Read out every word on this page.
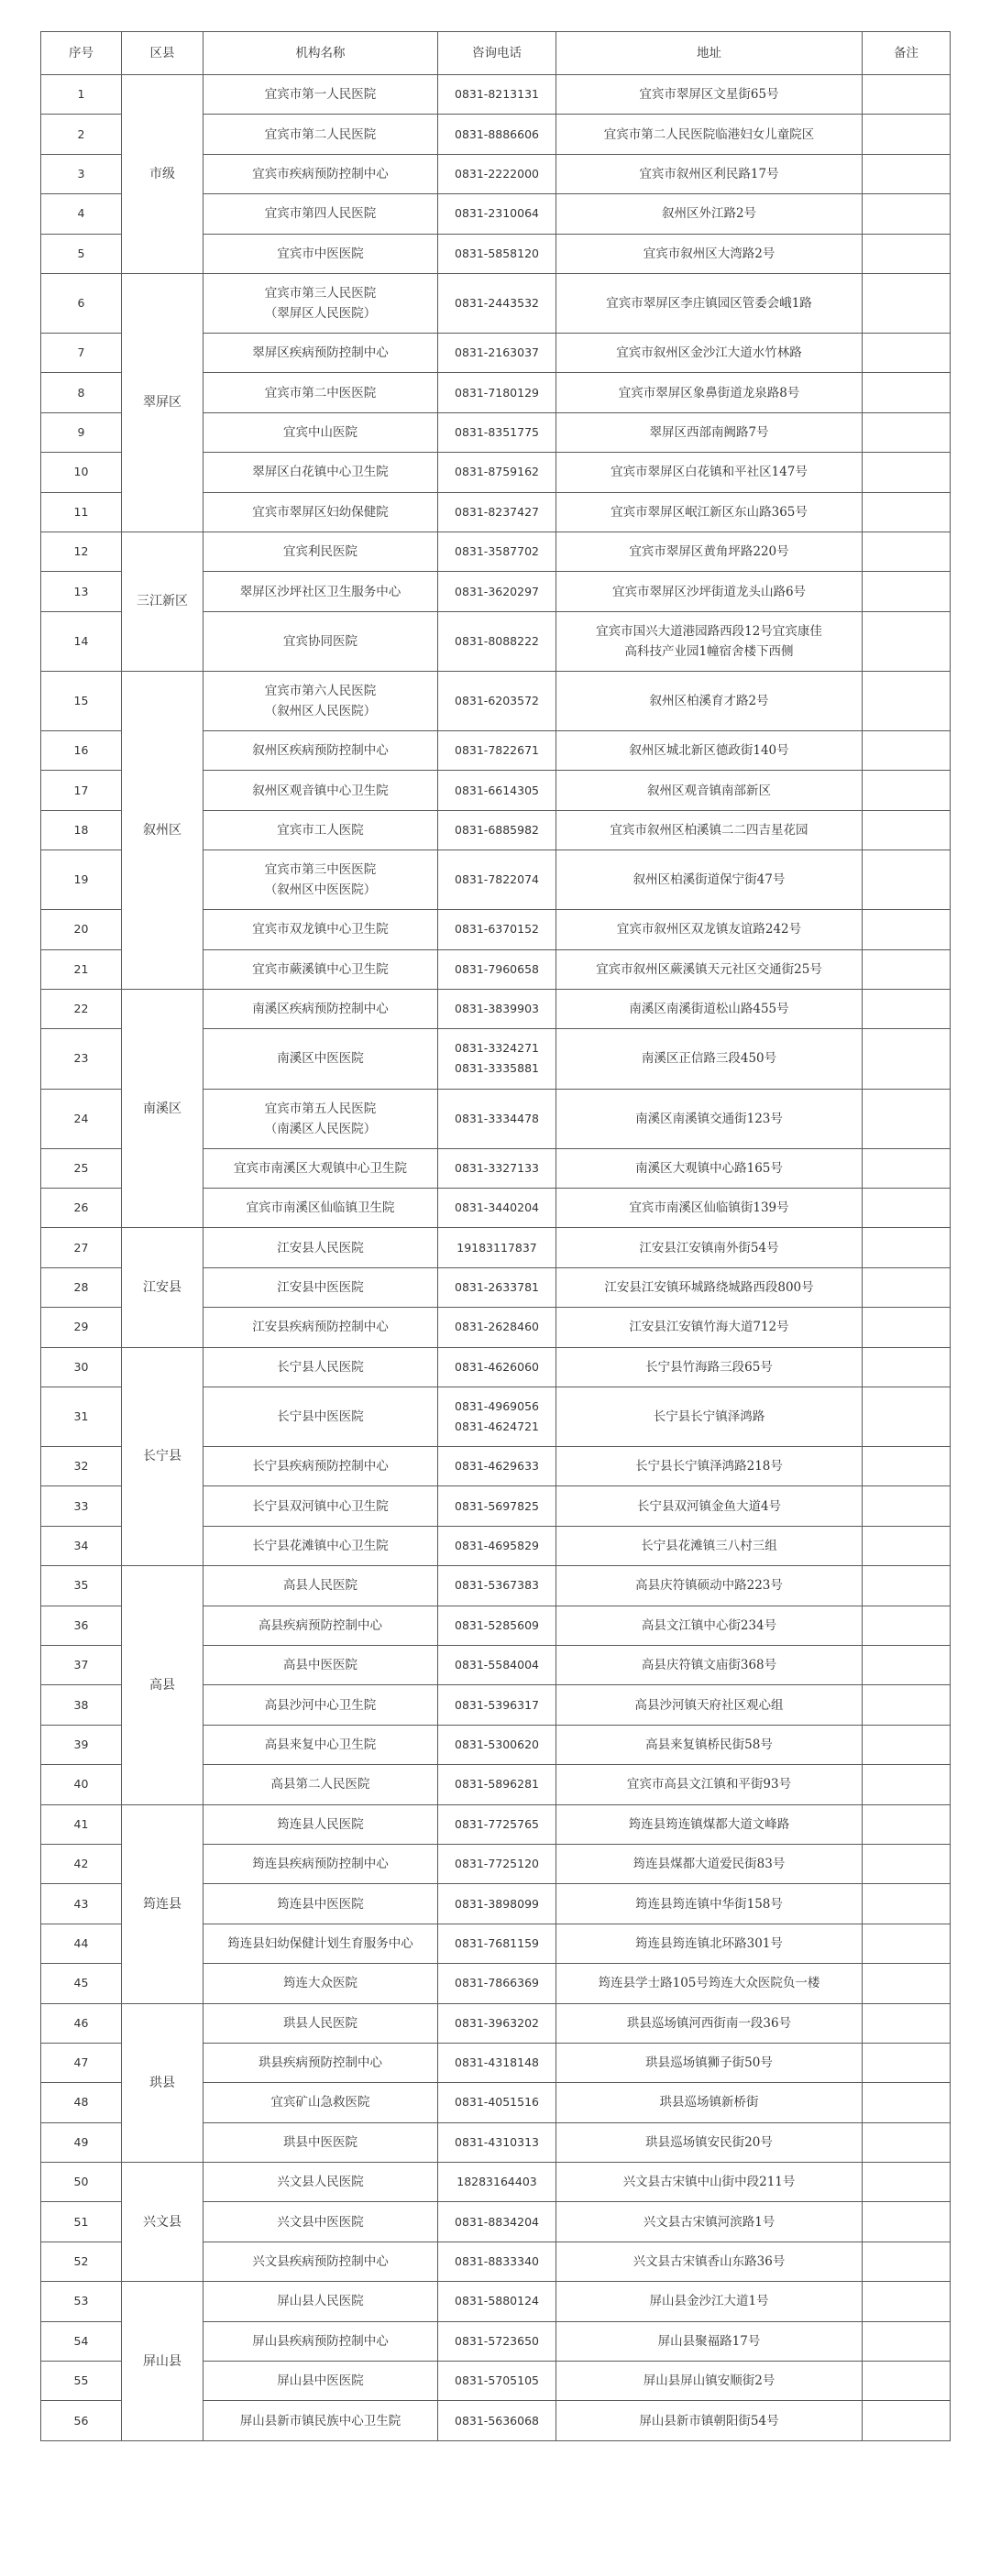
序号	区县	机构名称	咨询电话	地址	备注
1	市级	宜宾市第一人民医院	0831-8213131	宜宾市翠屏区文星街65号	

2		宜宾市第二人民医院	0831-8886606	宜宾市第二人民医院临港妇女儿童院区	

3		宜宾市疾病预防控制中心	0831-2222000	宜宾市叙州区利民路17号	

4		宜宾市第四人民医院	0831-2310064	叙州区外江路2号	

5		宜宾市中医医院	0831-5858120	宜宾市叙州区大湾路2号	

6	翠屏区	宜宾市第三人民医院
（翠屏区人民医院）	0831-2443532	宜宾市翠屏区李庄镇园区管委会峨1路	

7		翠屏区疾病预防控制中心	0831-2163037	宜宾市叙州区金沙江大道水竹林路	

8		宜宾市第二中医医院	0831-7180129	宜宾市翠屏区象鼻街道龙泉路8号	

9		宜宾中山医院	0831-8351775	翠屏区西部南阙路7号	

10		翠屏区白花镇中心卫生院	0831-8759162	宜宾市翠屏区白花镇和平社区147号	

11		宜宾市翠屏区妇幼保健院	0831-8237427	宜宾市翠屏区岷江新区东山路365号	

12	三江新区	宜宾利民医院	0831-3587702	宜宾市翠屏区黄角坪路220号	

13		翠屏区沙坪社区卫生服务中心	0831-3620297	宜宾市翠屏区沙坪街道龙头山路6号	

14		宜宾协同医院	0831-8088222	宜宾市国兴大道港园路西段12号宜宾康佳
高科技产业园1幢宿舍楼下西侧	

15	叙州区	宜宾市第六人民医院
（叙州区人民医院）	0831-6203572	叙州区柏溪育才路2号	

16		叙州区疾病预防控制中心	0831-7822671	叙州区城北新区德政街140号	

17		叙州区观音镇中心卫生院	0831-6614305	叙州区观音镇南部新区	

18		宜宾市工人医院	0831-6885982	宜宾市叙州区柏溪镇二二四吉星花园	

19		宜宾市第三中医医院
（叙州区中医医院）	0831-7822074	叙州区柏溪街道保宁街47号	

20		宜宾市双龙镇中心卫生院	0831-6370152	宜宾市叙州区双龙镇友谊路242号	

21		宜宾市蕨溪镇中心卫生院	0831-7960658	宜宾市叙州区蕨溪镇天元社区交通街25号	

22	南溪区	南溪区疾病预防控制中心	0831-3839903	南溪区南溪街道松山路455号	

23		南溪区中医医院	0831-3324271
0831-3335881	南溪区正信路三段450号	

24		宜宾市第五人民医院
（南溪区人民医院）	0831-3334478	南溪区南溪镇交通街123号	

25		宜宾市南溪区大观镇中心卫生院	0831-3327133	南溪区大观镇中心路165号	

26		宜宾市南溪区仙临镇卫生院	0831-3440204	宜宾市南溪区仙临镇街139号	

27	江安县	江安县人民医院	19183117837	江安县江安镇南外街54号	

28		江安县中医医院	0831-2633781	江安县江安镇环城路绕城路西段800号	

29		江安县疾病预防控制中心	0831-2628460	江安县江安镇竹海大道712号	

30	长宁县	长宁县人民医院	0831-4626060	长宁县竹海路三段65号	

31		长宁县中医医院	0831-4969056
0831-4624721	长宁县长宁镇泽鸿路	

32		长宁县疾病预防控制中心	0831-4629633	长宁县长宁镇泽鸿路218号	

33		长宁县双河镇中心卫生院	0831-5697825	长宁县双河镇金鱼大道4号	

34		长宁县花滩镇中心卫生院	0831-4695829	长宁县花滩镇三八村三组	

35	高县	高县人民医院	0831-5367383	高县庆符镇硕动中路223号	

36		高县疾病预防控制中心	0831-5285609	高县文江镇中心街234号	

37		高县中医医院	0831-5584004	高县庆符镇文庙街368号	

38		高县沙河中心卫生院	0831-5396317	高县沙河镇天府社区观心组	

39		高县来复中心卫生院	0831-5300620	高县来复镇桥民街58号	

40		高县第二人民医院	0831-5896281	宜宾市高县文江镇和平街93号	

41	筠连县	筠连县人民医院	0831-7725765	筠连县筠连镇煤都大道文峰路	

42		筠连县疾病预防控制中心	0831-7725120	筠连县煤都大道爱民街83号	

43		筠连县中医医院	0831-3898099	筠连县筠连镇中华街158号	

44		筠连县妇幼保健计划生育服务中心	0831-7681159	筠连县筠连镇北环路301号	

45		筠连大众医院	0831-7866369	筠连县学士路105号筠连大众医院负一楼	

46	珙县	珙县人民医院	0831-3963202	珙县巡场镇河西街南一段36号	

47		珙县疾病预防控制中心	0831-4318148	珙县巡场镇狮子街50号	

48		宜宾矿山急救医院	0831-4051516	珙县巡场镇新桥街	

49		珙县中医医院	0831-4310313	珙县巡场镇安民街20号	

50	兴文县	兴文县人民医院	18283164403	兴文县古宋镇中山街中段211号	

51		兴文县中医医院	0831-8834204	兴文县古宋镇河滨路1号	

52		兴文县疾病预防控制中心	0831-8833340	兴文县古宋镇香山东路36号	

53	屏山县	屏山县人民医院	0831-5880124	屏山县金沙江大道1号	

54		屏山县疾病预防控制中心	0831-5723650	屏山县聚福路17号	

55		屏山县中医医院	0831-5705105	屏山县屏山镇安顺街2号	

56		屏山县新市镇民族中心卫生院	0831-5636068	屏山县新市镇朝阳街54号	
